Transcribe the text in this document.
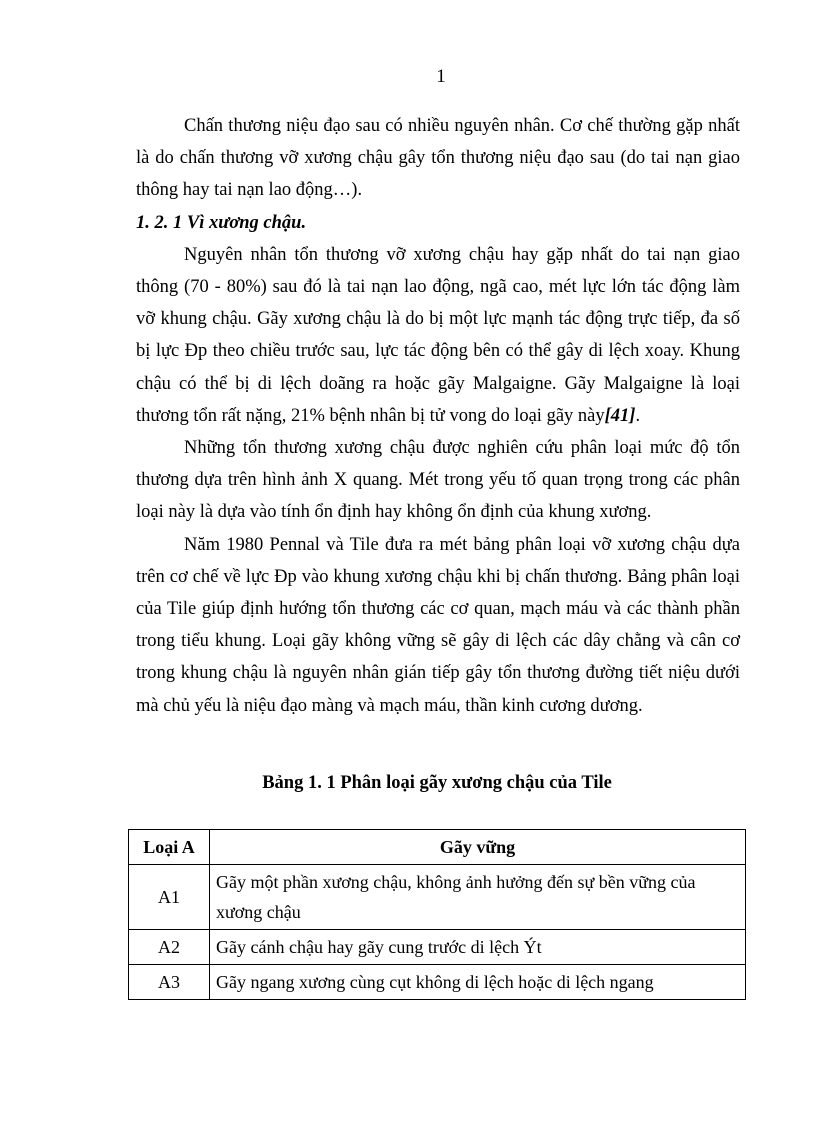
1

Chấn thương niệu đạo sau có nhiều nguyên nhân. Cơ chế thường gặp nhất là do chấn thương vỡ xương chậu gây tổn thương niệu đạo sau (do tai nạn giao thông hay tai nạn lao động…).

1. 2. 1 Vì xương chậu.

Nguyên nhân tổn thương vỡ xương chậu hay gặp nhất do tai nạn giao thông (70 - 80%) sau đó là tai nạn lao động, ngã cao, mét lực lớn tác động làm vỡ khung chậu. Gãy xương chậu là do bị một lực mạnh tác động trực tiếp, đa số bị lực Đp theo chiều trước sau, lực tác động bên có thể gây di lệch xoay. Khung chậu có thể bị di lệch doãng ra hoặc gãy Malgaigne. Gãy Malgaigne là loại thương tổn rất nặng, 21% bệnh nhân bị tử vong do loại gãy này[41].

Những tổn thương xương chậu được nghiên cứu phân loại mức độ tổn thương dựa trên hình ảnh X quang. Mét trong yếu tố quan trọng trong các phân loại này là dựa vào tính ổn định hay không ổn định của khung xương.

Năm 1980 Pennal và Tile đưa ra mét bảng phân loại vỡ xương chậu dựa trên cơ chế về lực Đp vào khung xương chậu khi bị chấn thương. Bảng phân loại của Tile giúp định hướng tổn thương các cơ quan, mạch máu và các thành phần trong tiểu khung. Loại gãy không vững sẽ gây di lệch các dây chằng và cân cơ trong khung chậu là nguyên nhân gián tiếp gây tổn thương đường tiết niệu dưới mà chủ yếu là niệu đạo màng và mạch máu, thần kinh cương dương.

Bảng 1. 1 Phân loại gãy xương chậu của Tile
Loại A	Gãy vững
A1	Gãy một phần xương chậu, không ảnh hưởng đến sự bền vững của xương chậu
A2	Gãy cánh chậu hay gãy cung trước di lệch Ýt
A3	Gãy ngang xương cùng cụt không di lệch hoặc di lệch ngang
